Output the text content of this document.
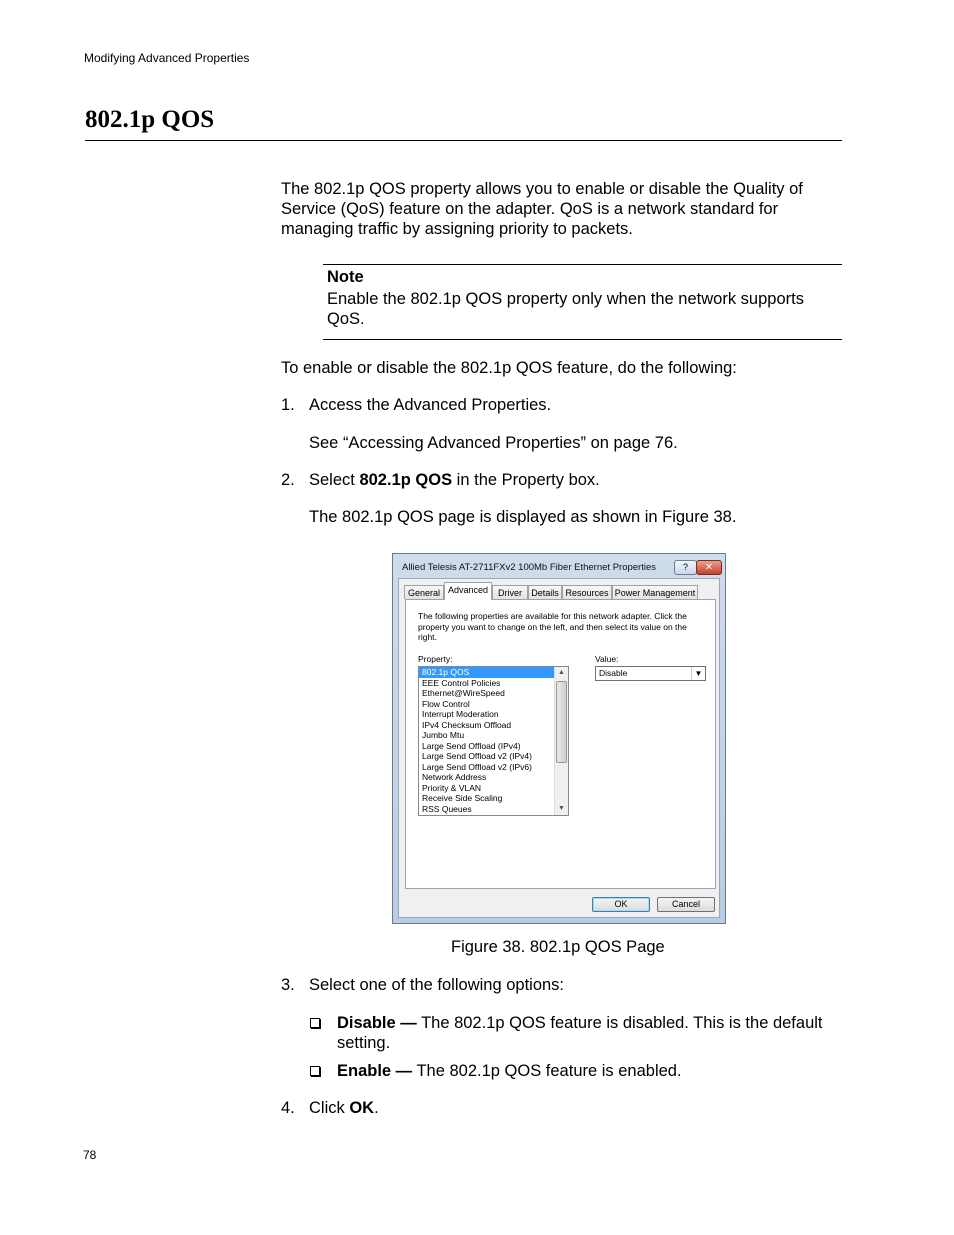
Modifying Advanced Properties
802.1p QOS
The 802.1p QOS property allows you to enable or disable the Quality of Service (QoS) feature on the adapter. QoS is a network standard for managing traffic by assigning priority to packets.
Note
Enable the 802.1p QOS property only when the network supports QoS.
To enable or disable the 802.1p QOS feature, do the following:
1. Access the Advanced Properties.
See “Accessing Advanced Properties” on page 76.
2. Select 802.1p QOS in the Property box.
The 802.1p QOS page is displayed as shown in Figure 38.
Allied Telesis AT-2711FXv2 100Mb Fiber Ethernet Properties	?	✕
General Advanced	Driver	Details Resources Power Management
The following properties are available for this network adapter. Click the property you want to change on the left, and then select its value on the right.
Property:	Value:
802.1p QOS
EEE Control Policies
Ethernet@WireSpeed
Flow Control
Interrupt Moderation
IPv4 Checksum Offload
Jumbo Mtu
Large Send Offload (IPv4)
Large Send Offload v2 (IPv4)
Large Send Offload v2 (IPv6)
Network Address
Priority & VLAN
Receive Side Scaling
RSS Queues
▲
▼
Disable	▼
OK	Cancel
Figure 38. 802.1p QOS Page
3. Select one of the following options:
Disable — The 802.1p QOS feature is disabled. This is the default setting.
Enable — The 802.1p QOS feature is enabled.
4. Click OK.
78
